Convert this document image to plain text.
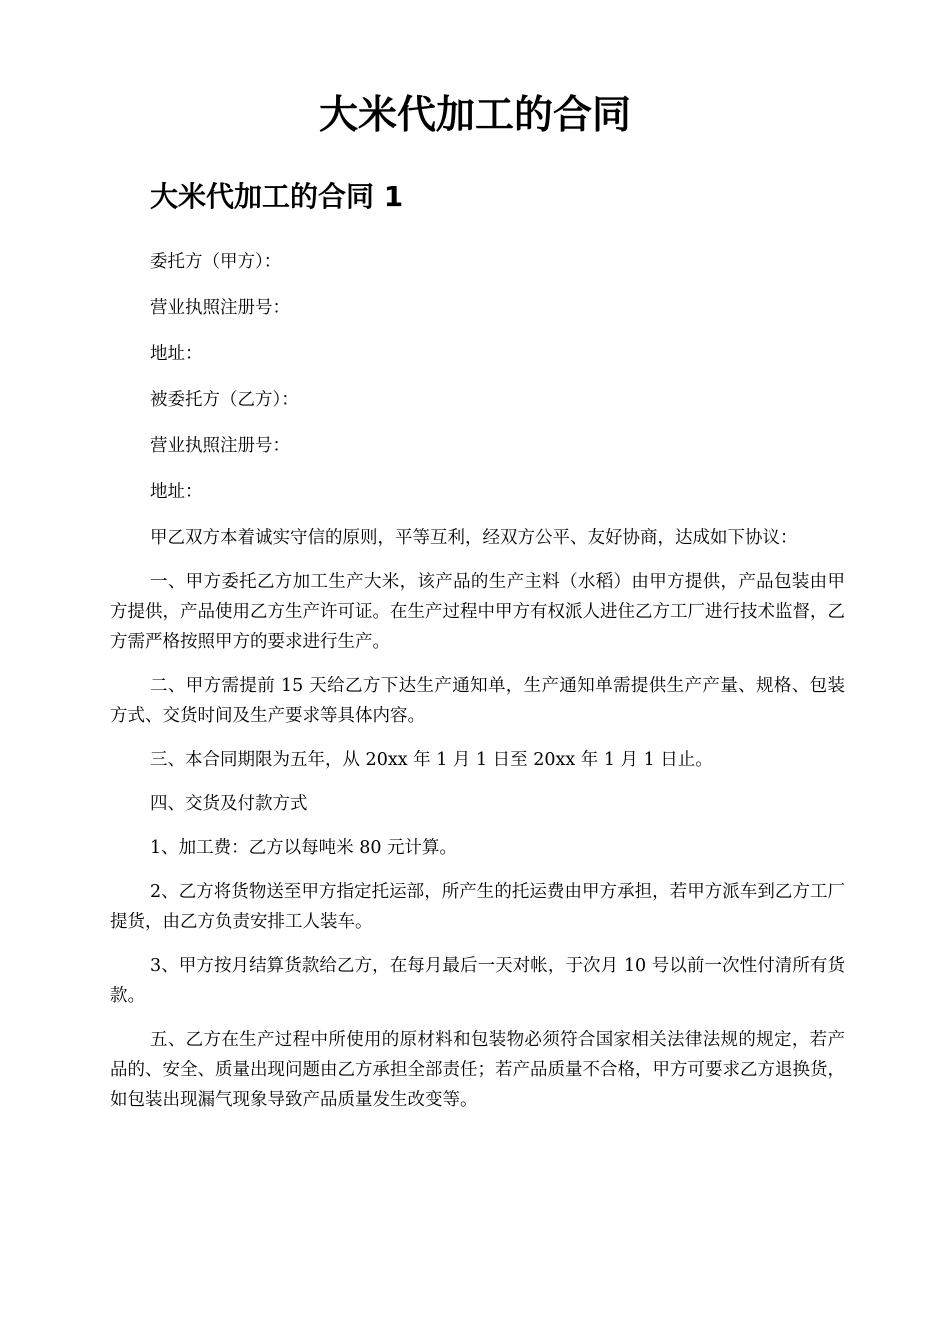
大米代加工的合同
大米代加工的合同 1

委托方（甲方）：

营业执照注册号：

地址：

被委托方（乙方）：

营业执照注册号：

地址：

甲乙双方本着诚实守信的原则，平等互利，经双方公平、友好协商，达成如下协议：

一、甲方委托乙方加工生产大米，该产品的生产主料（水稻）由甲方提供，产品包装由甲方提供，产品使用乙方生产许可证。在生产过程中甲方有权派人进住乙方工厂进行技术监督，乙方需严格按照甲方的要求进行生产。

二、甲方需提前 15 天给乙方下达生产通知单，生产通知单需提供生产产量、规格、包装方式、交货时间及生产要求等具体内容。

三、本合同期限为五年，从 20xx 年 1 月 1 日至 20xx 年 1 月 1 日止。

四、交货及付款方式

1、加工费：乙方以每吨米 80 元计算。

2、乙方将货物送至甲方指定托运部，所产生的托运费由甲方承担，若甲方派车到乙方工厂提货，由乙方负责安排工人装车。

3、甲方按月结算货款给乙方，在每月最后一天对帐，于次月 10 号以前一次性付清所有货款。

五、乙方在生产过程中所使用的原材料和包装物必须符合国家相关法律法规的规定，若产品的、安全、质量出现问题由乙方承担全部责任；若产品质量不合格，甲方可要求乙方退换货，如包装出现漏气现象导致产品质量发生改变等。
